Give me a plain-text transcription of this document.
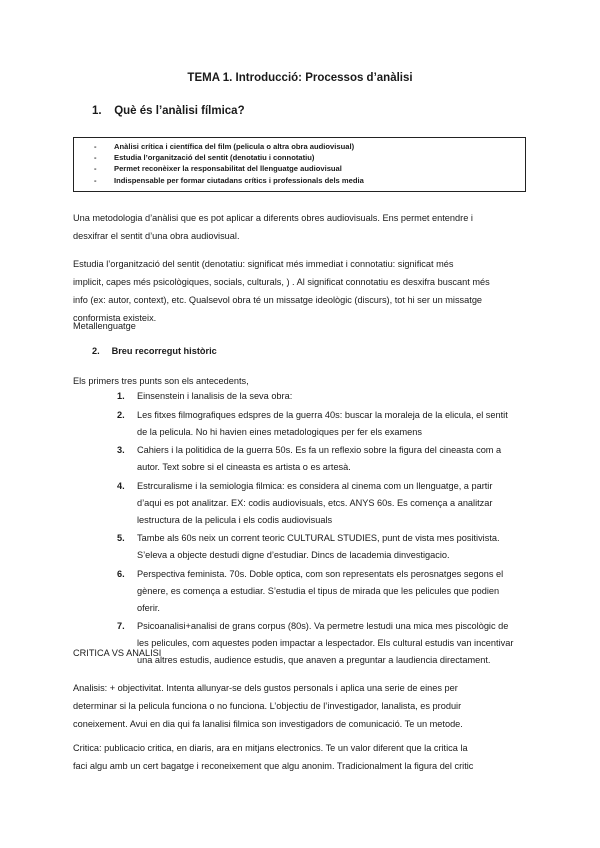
TEMA 1. Introducció: Processos d’anàlisi
1. Què és l’anàlisi fílmica?
- Anàlisi crítica i científica del film (pelicula o altra obra audiovisual)
- Estudia l’organització del sentit (denotatiu i connotatiu)
- Permet reconèixer la responsabilitat del llenguatge audiovisual
- Indispensable per formar ciutadans crítics i professionals dels media
Una metodologia d’anàlisi que es pot aplicar a diferents obres audiovisuals. Ens permet entendre i
desxifrar el sentit d’una obra audiovisual.
Estudia l’organització del sentit (denotatiu: significat més immediat i connotatiu: significat més
implicit, capes més psicològiques, socials, culturals, ) . Al significat connotatiu es desxifra buscant més
info (ex: autor, context), etc. Qualsevol obra té un missatge ideològic (discurs), tot hi ser un missatge
conformista existeix.
Metallenguatge
2. Breu recorregut històric
Els primers tres punts son els antecedents,
1. Einsenstein i lanalisis de la seva obra:
2. Les fitxes filmografiques edspres de la guerra 40s: buscar la moraleja de la elicula, el sentit
de la pelicula. No hi havien eines metadologiques per fer els examens
3. Cahiers i la politidica de la guerra 50s. Es fa un reflexio sobre la figura del cineasta com a
autor. Text sobre si el cineasta es artista o es artesà.
4. Estrcuralisme i la semiologia filmica: es considera al cinema com un llenguatge, a partir
d’aqui es pot analitzar. EX: codis audiovisuals, etcs. ANYS 60s. Es comença a analitzar
lestructura de la pelicula i els codis audiovisuals
5. Tambe als 60s neix un corrent teoric CULTURAL STUDIES, punt de vista mes positivista.
S’eleva a objecte destudi digne d’estudiar. Dincs de lacademia dinvestigacio.
6. Perspectiva feminista. 70s. Doble optica, com son representats els perosnatges segons el
gènere, es comença a estudiar. S’estudia el tipus de mirada que les pelicules que podien
oferir.
7. Psicoanalisi+analisi de grans corpus (80s). Va permetre lestudi una mica mes piscològic de
les pelicules, com aquestes poden impactar a lespectador. Els cultural estudis van incentivar
una altres estudis, audience estudis, que anaven a preguntar a laudiencia directament.
CRITICA VS ANALISI
Analisis: + objectivitat. Intenta allunyar-se dels gustos personals i aplica una serie de eines per
determinar si la pelicula funciona o no funciona. L’objectiu de l’investigador, lanalista, es produir
coneixement. Avui en dia qui fa lanalisi filmica son investigadors de comunicació. Te un metode.
Critica: publicacio critica, en diaris, ara en mitjans electronics. Te un valor diferent que la critica la
faci algu amb un cert bagatge i reconeixement que algu anonim. Tradicionalment la figura del critic
